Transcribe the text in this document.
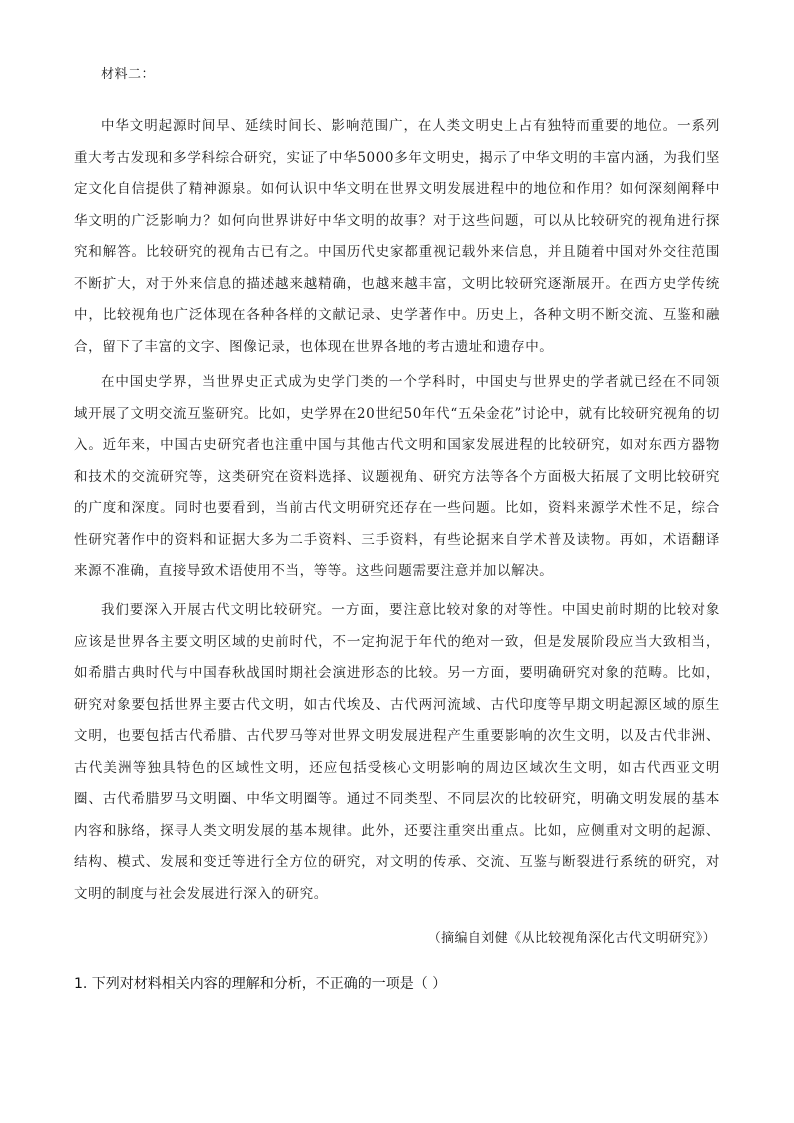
材料二：

中华文明起源时间早、延续时间长、影响范围广，在人类文明史上占有独特而重要的地位。一系列重大考古发现和多学科综合研究，实证了中华5000多年文明史，揭示了中华文明的丰富内涵，为我们坚定文化自信提供了精神源泉。如何认识中华文明在世界文明发展进程中的地位和作用？如何深刻阐释中华文明的广泛影响力？如何向世界讲好中华文明的故事？对于这些问题，可以从比较研究的视角进行探究和解答。比较研究的视角古已有之。中国历代史家都重视记载外来信息，并且随着中国对外交往范围不断扩大，对于外来信息的描述越来越精确，也越来越丰富，文明比较研究逐渐展开。在西方史学传统中，比较视角也广泛体现在各种各样的文献记录、史学著作中。历史上，各种文明不断交流、互鉴和融合，留下了丰富的文字、图像记录，也体现在世界各地的考古遗址和遗存中。

在中国史学界，当世界史正式成为史学门类的一个学科时，中国史与世界史的学者就已经在不同领域开展了文明交流互鉴研究。比如，史学界在20世纪50年代“五朵金花”讨论中，就有比较研究视角的切入。近年来，中国古史研究者也注重中国与其他古代文明和国家发展进程的比较研究，如对东西方器物和技术的交流研究等，这类研究在资料选择、议题视角、研究方法等各个方面极大拓展了文明比较研究的广度和深度。同时也要看到，当前古代文明研究还存在一些问题。比如，资料来源学术性不足，综合性研究著作中的资料和证据大多为二手资料、三手资料，有些论据来自学术普及读物。再如，术语翻译来源不准确，直接导致术语使用不当，等等。这些问题需要注意并加以解决。

我们要深入开展古代文明比较研究。一方面，要注意比较对象的对等性。中国史前时期的比较对象应该是世界各主要文明区域的史前时代，不一定拘泥于年代的绝对一致，但是发展阶段应当大致相当，如希腊古典时代与中国春秋战国时期社会演进形态的比较。另一方面，要明确研究对象的范畴。比如，研究对象要包括世界主要古代文明，如古代埃及、古代两河流域、古代印度等早期文明起源区域的原生文明，也要包括古代希腊、古代罗马等对世界文明发展进程产生重要影响的次生文明，以及古代非洲、古代美洲等独具特色的区域性文明，还应包括受核心文明影响的周边区域次生文明，如古代西亚文明圈、古代希腊罗马文明圈、中华文明圈等。通过不同类型、不同层次的比较研究，明确文明发展的基本内容和脉络，探寻人类文明发展的基本规律。此外，还要注重突出重点。比如，应侧重对文明的起源、结构、模式、发展和变迁等进行全方位的研究，对文明的传承、交流、互鉴与断裂进行系统的研究，对文明的制度与社会发展进行深入的研究。

（摘编自刘健《从比较视角深化古代文明研究》）
1. 下列对材料相关内容的理解和分析，不正确的一项是（ ）
